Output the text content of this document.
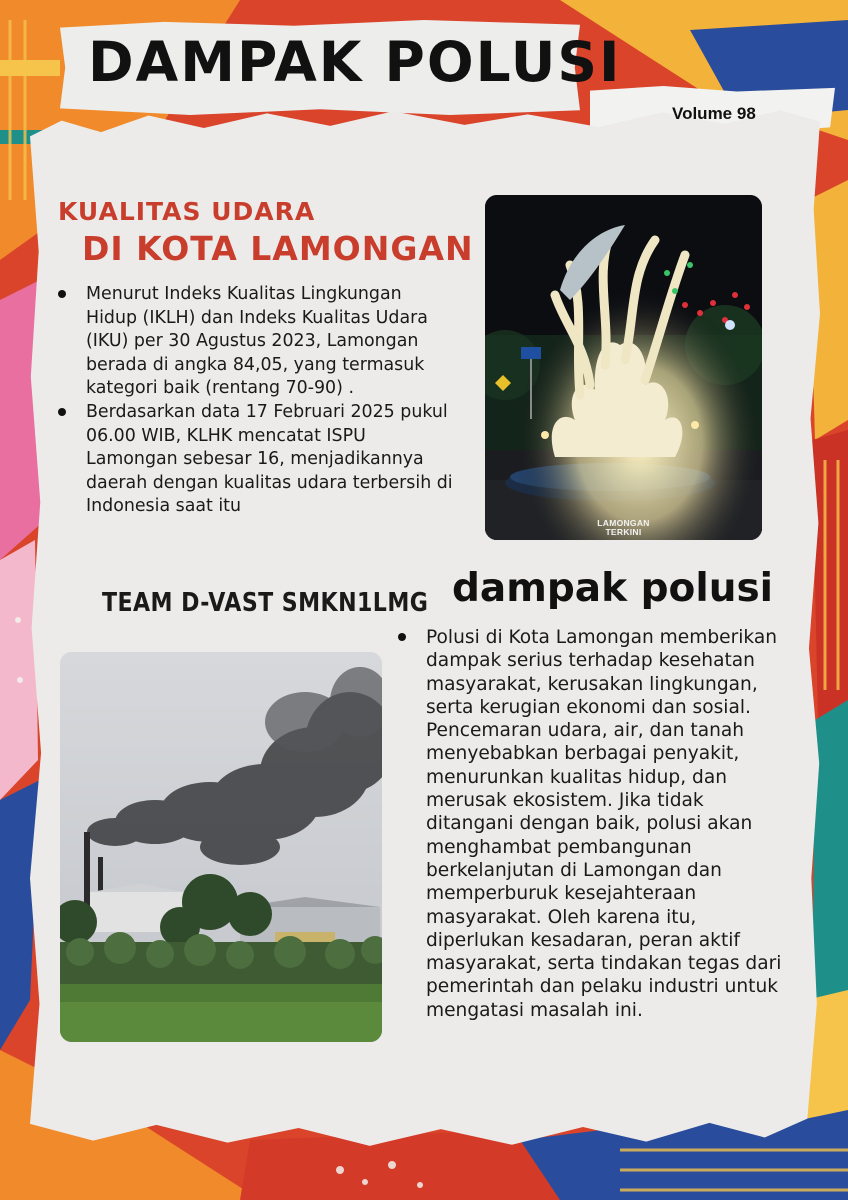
DAMPAK POLUSI

Volume 98

KUALITAS UDARA
DI KOTA LAMONGAN
Menurut Indeks Kualitas Lingkungan Hidup (IKLH) dan Indeks Kualitas Udara (IKU) per 30 Agustus 2023, Lamongan berada di angka 84,05, yang termasuk kategori baik (rentang 70-90) .
Berdasarkan data 17 Februari 2025 pukul 06.00 WIB, KLHK mencatat ISPU Lamongan sebesar 16, menjadikannya daerah dengan kualitas udara terbersih di Indonesia saat itu
LAMONGAN
TERKINI

TEAM D-VAST SMKN1LMG dampak polusi
Polusi di Kota Lamongan memberikan dampak serius terhadap kesehatan masyarakat, kerusakan lingkungan, serta kerugian ekonomi dan sosial. Pencemaran udara, air, dan tanah menyebabkan berbagai penyakit, menurunkan kualitas hidup, dan merusak ekosistem. Jika tidak ditangani dengan baik, polusi akan menghambat pembangunan berkelanjutan di Lamongan dan memperburuk kesejahteraan masyarakat. Oleh karena itu, diperlukan kesadaran, peran aktif masyarakat, serta tindakan tegas dari pemerintah dan pelaku industri untuk mengatasi masalah ini.
